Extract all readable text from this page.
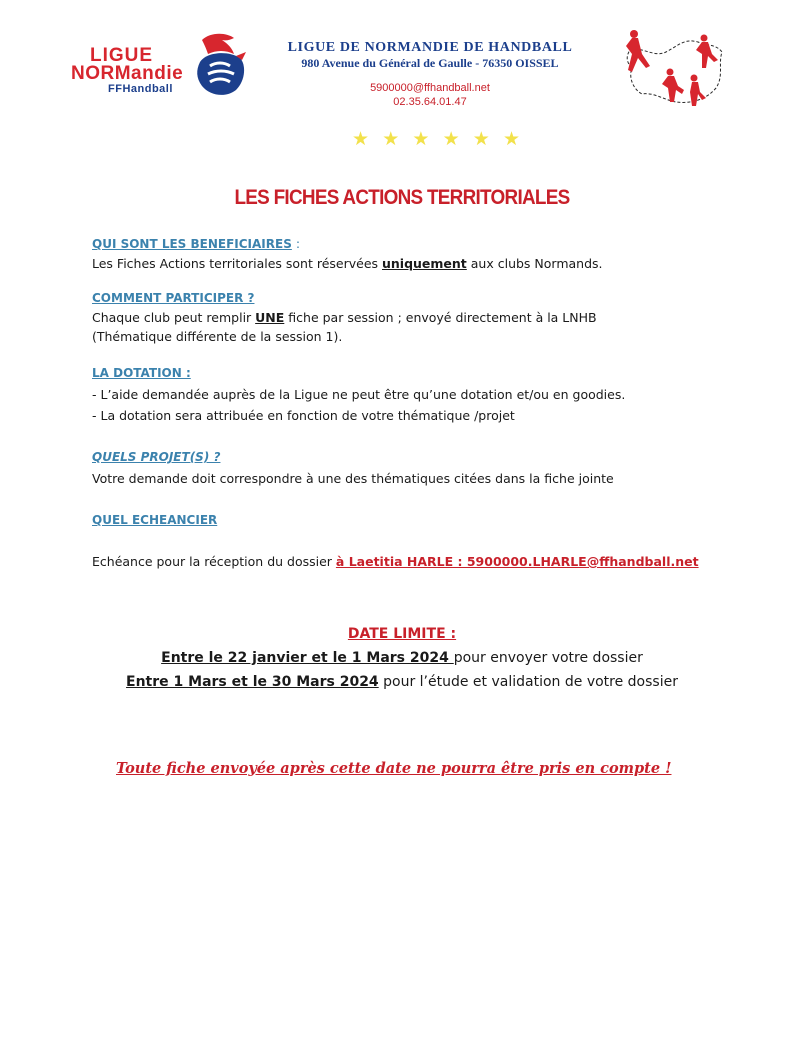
LIGUE
NORMandie
FFHandball
LIGUE DE NORMANDIE DE HANDBALL
980 Avenue du Général de Gaulle - 76350 OISSEL
5900000@ffhandball.net
02.35.64.01.47
★ ★ ★ ★ ★ ★
LES FICHES ACTIONS TERRITORIALES
QUI SONT LES BENEFICIAIRES :
Les Fiches Actions territoriales sont réservées uniquement aux clubs Normands.
COMMENT PARTICIPER ?
Chaque club peut remplir UNE fiche par session ; envoyé directement à la LNHB
(Thématique différente de la session 1).
LA DOTATION :
- L’aide demandée auprès de la Ligue ne peut être qu’une dotation et/ou en goodies.
- La dotation sera attribuée en fonction de votre thématique /projet
QUELS PROJET(S) ?
Votre demande doit correspondre à une des thématiques citées dans la fiche jointe
QUEL ECHEANCIER
Echéance pour la réception du dossier à Laetitia HARLE : 5900000.LHARLE@ffhandball.net
DATE LIMITE :
Entre le 22 janvier et le 1 Mars 2024 pour envoyer votre dossier
Entre 1 Mars et le 30 Mars 2024 pour l’étude et validation de votre dossier
Toute fiche envoyée après cette date ne pourra être pris en compte !
